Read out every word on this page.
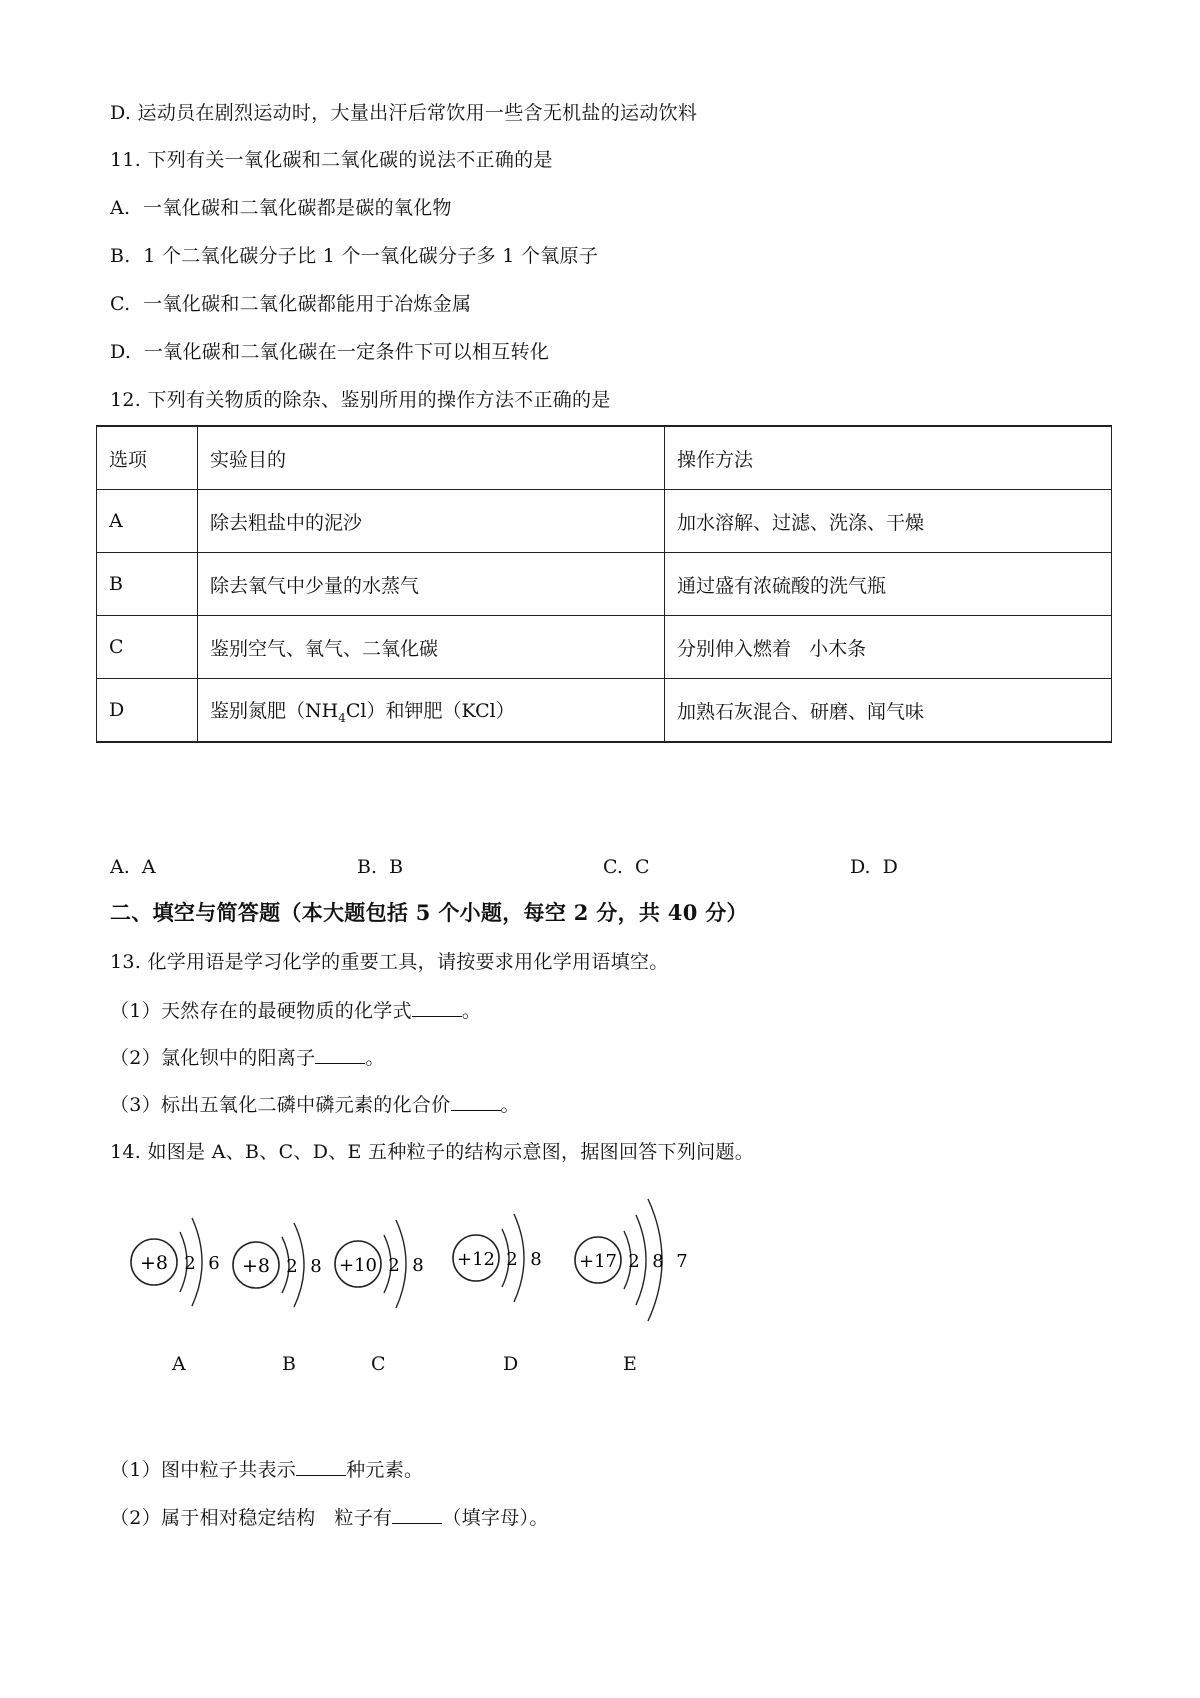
D. 运动员在剧烈运动时，大量出汗后常饮用一些含无机盐的运动饮料
11. 下列有关一氧化碳和二氧化碳的说法不正确的是
A.  一氧化碳和二氧化碳都是碳的氧化物
B.  1 个二氧化碳分子比 1 个一氧化碳分子多 1 个氧原子
C.  一氧化碳和二氧化碳都能用于冶炼金属
D.  一氧化碳和二氧化碳在一定条件下可以相互转化
12. 下列有关物质的除杂、鉴别所用的操作方法不正确的是
选项	实验目的	操作方法
A	除去粗盐中的泥沙	加水溶解、过滤、洗涤、干燥
B	除去氧气中少量的水蒸气	通过盛有浓硫酸的洗气瓶
C	鉴别空气、氧气、二氧化碳	分别伸入燃着   小木条
D	鉴别氮肥$(NH_4Cl)$和钾肥（KCl）	加熟石灰混合、研磨、闻气味
A.  A	B.  B	C.  C	D.  D
二、填空与简答题（本大题包括 5 个小题，每空 2 分，共 40 分）
13. 化学用语是学习化学的重要工具，请按要求用化学用语填空。
（1）天然存在的最硬物质的化学式	。
（2）氯化钡中的阳离子	。
（3）标出五氧化二磷中磷元素的化合价	。
14. 如图是 A、B、C、D、E 五种粒子的结构示意图，据图回答下列问题。
+8 2 6 +8 2 8 +10 2 8 +12 2 8 +17 2 8 7
A	B	C	D	E
（1）图中粒子共表示	种元素。
（2）属于相对稳定结构   粒子有	（填字母）。
